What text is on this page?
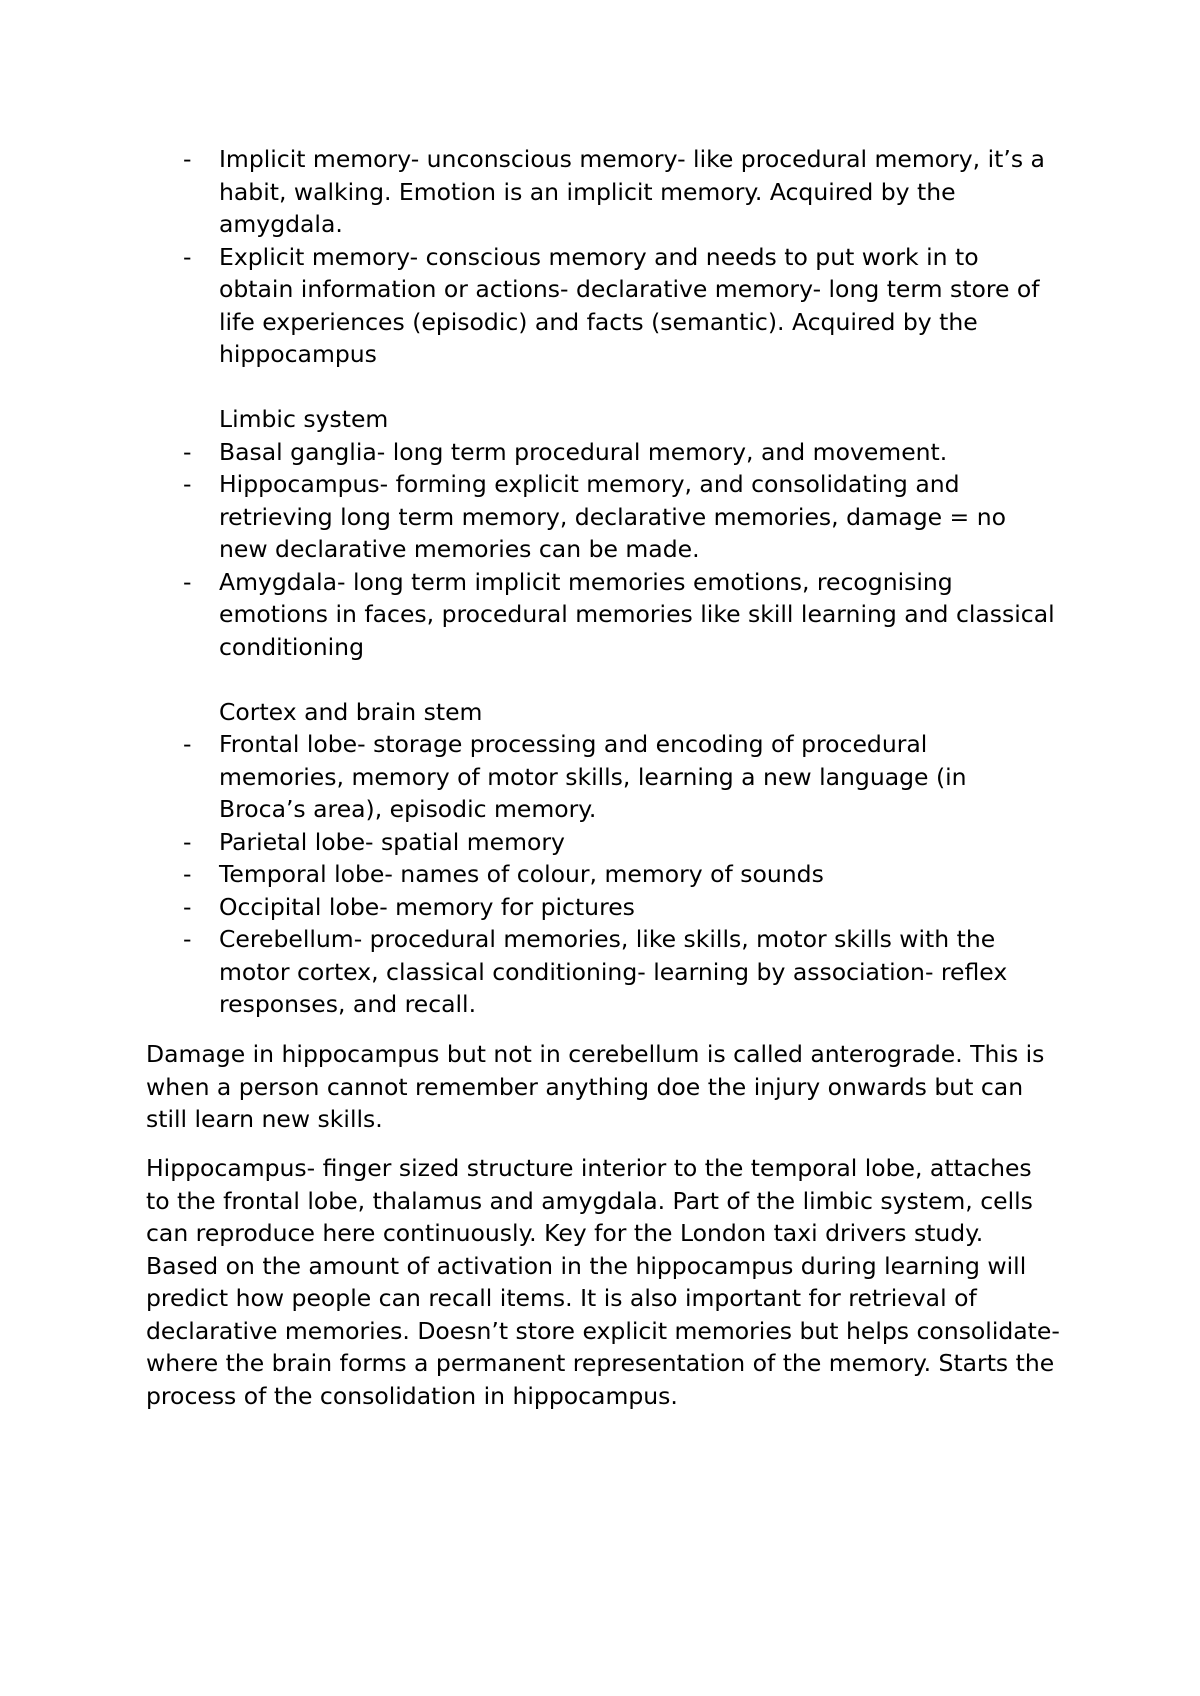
- Implicit memory- unconscious memory- like procedural memory, it’s a habit, walking. Emotion is an implicit memory. Acquired by the amygdala.

- Explicit memory- conscious memory and needs to put work in to obtain information or actions- declarative memory- long term store of life experiences (episodic) and facts (semantic). Acquired by the hippocampus

Limbic system

- Basal ganglia- long term procedural memory, and movement.

- Hippocampus- forming explicit memory, and consolidating and retrieving long term memory, declarative memories, damage = no new declarative memories can be made.

- Amygdala- long term implicit memories emotions, recognising emotions in faces, procedural memories like skill learning and classical conditioning

Cortex and brain stem

- Frontal lobe- storage processing and encoding of procedural memories, memory of motor skills, learning a new language (in Broca’s area), episodic memory.

- Parietal lobe- spatial memory

- Temporal lobe- names of colour, memory of sounds

- Occipital lobe- memory for pictures

- Cerebellum- procedural memories, like skills, motor skills with the motor cortex, classical conditioning- learning by association- reflex responses, and recall.

Damage in hippocampus but not in cerebellum is called anterograde. This is when a person cannot remember anything doe the injury onwards but can still learn new skills.

Hippocampus- finger sized structure interior to the temporal lobe, attaches to the frontal lobe, thalamus and amygdala. Part of the limbic system, cells can reproduce here continuously. Key for the London taxi drivers study. Based on the amount of activation in the hippocampus during learning will predict how people can recall items. It is also important for retrieval of declarative memories. Doesn’t store explicit memories but helps consolidate- where the brain forms a permanent representation of the memory. Starts the process of the consolidation in hippocampus.
